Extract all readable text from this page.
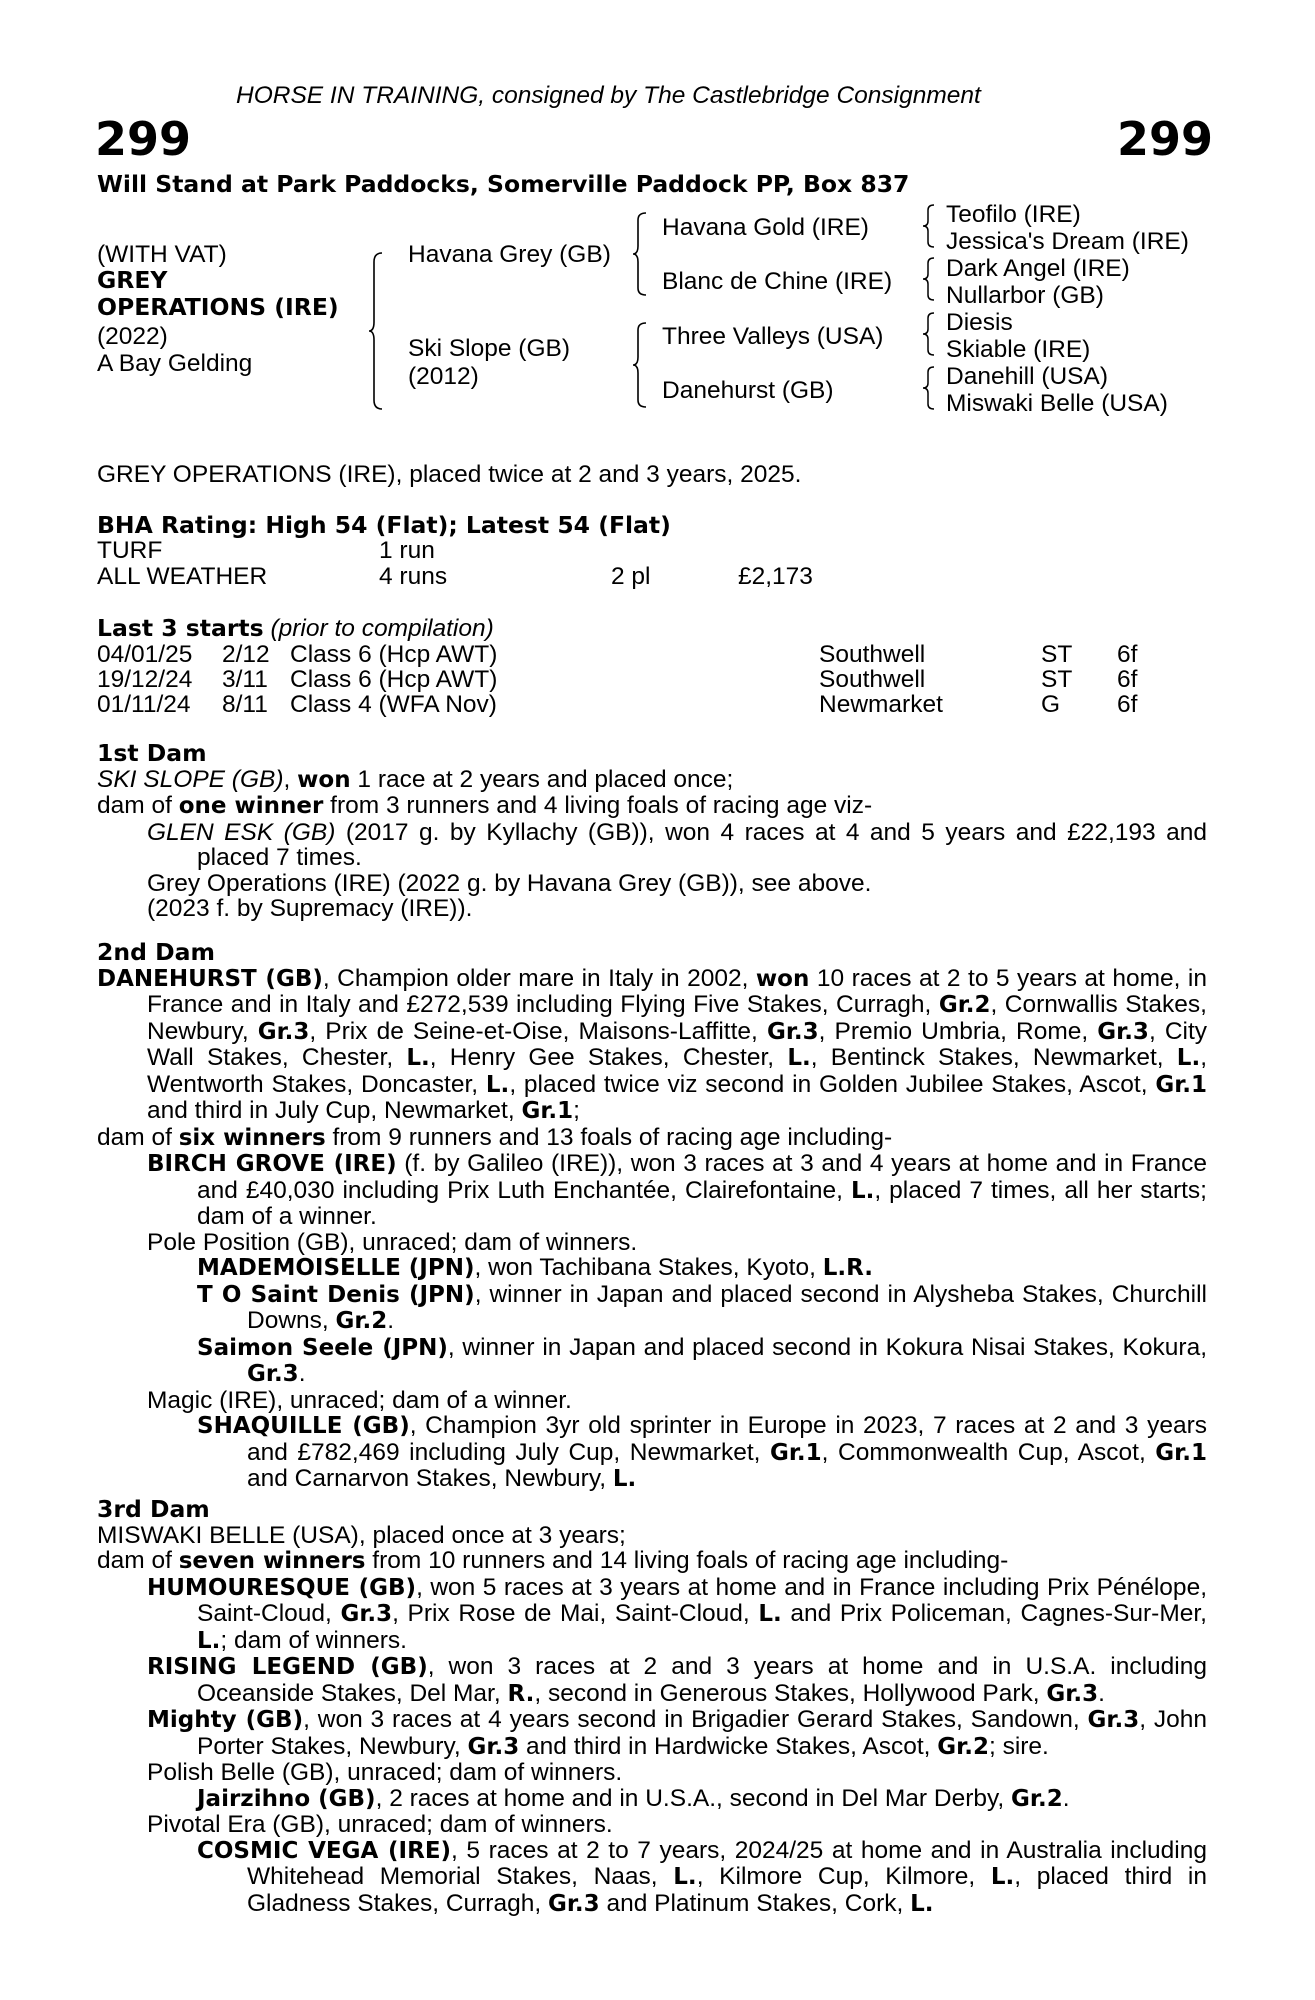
HORSE IN TRAINING, consigned by The Castlebridge Consignment
299	299
Will Stand at Park Paddocks, Somerville Paddock PP, Box 837
(WITH VAT)
GREY
OPERATIONS (IRE)
(2022)
A Bay Gelding
Havana Grey (GB)
Ski Slope (GB)
(2012)
Havana Gold (IRE)
Blanc de Chine (IRE)
Three Valleys (USA)
Danehurst (GB)
Teofilo (IRE)
Jessica's Dream (IRE)
Dark Angel (IRE)
Nullarbor (GB)
Diesis
Skiable (IRE)
Danehill (USA)
Miswaki Belle (USA)
GREY OPERATIONS (IRE), placed twice at 2 and 3 years, 2025.
BHA Rating: High 54 (Flat); Latest 54 (Flat)
TURF	1 run
ALL WEATHER	4 runs	2 pl	£2,173
Last 3 starts (prior to compilation)
04/01/25 2/12 Class 6 (Hcp AWT)	Southwell	ST 6f
19/12/24 3/11 Class 6 (Hcp AWT)	Southwell	ST 6f
01/11/24 8/11 Class 4 (WFA Nov)	Newmarket	G 6f
1st Dam
SKI SLOPE (GB), won 1 race at 2 years and placed once;
dam of one winner from 3 runners and 4 living foals of racing age viz-
GLEN ESK (GB) (2017 g. by Kyllachy (GB)), won 4 races at 4 and 5 years and £22,193 and placed 7 times.
Grey Operations (IRE) (2022 g. by Havana Grey (GB)), see above.
(2023 f. by Supremacy (IRE)).
2nd Dam
DANEHURST (GB), Champion older mare in Italy in 2002, won 10 races at 2 to 5 years at home, in France and in Italy and £272,539 including Flying Five Stakes, Curragh, Gr.2, Cornwallis Stakes, Newbury, Gr.3, Prix de Seine-et-Oise, Maisons-Laffitte, Gr.3, Premio Umbria, Rome, Gr.3, City Wall Stakes, Chester, L., Henry Gee Stakes, Chester, L., Bentinck Stakes, Newmarket, L., Wentworth Stakes, Doncaster, L., placed twice viz second in Golden Jubilee Stakes, Ascot, Gr.1 and third in July Cup, Newmarket, Gr.1;
dam of six winners from 9 runners and 13 foals of racing age including-
BIRCH GROVE (IRE) (f. by Galileo (IRE)), won 3 races at 3 and 4 years at home and in France and £40,030 including Prix Luth Enchantée, Clairefontaine, L., placed 7 times, all her starts; dam of a winner.
Pole Position (GB), unraced; dam of winners.
MADEMOISELLE (JPN), won Tachibana Stakes, Kyoto, L.R.
T O Saint Denis (JPN), winner in Japan and placed second in Alysheba Stakes, Churchill Downs, Gr.2.
Saimon Seele (JPN), winner in Japan and placed second in Kokura Nisai Stakes, Kokura, Gr.3.
Magic (IRE), unraced; dam of a winner.
SHAQUILLE (GB), Champion 3yr old sprinter in Europe in 2023, 7 races at 2 and 3 years and £782,469 including July Cup, Newmarket, Gr.1, Commonwealth Cup, Ascot, Gr.1 and Carnarvon Stakes, Newbury, L.
3rd Dam
MISWAKI BELLE (USA), placed once at 3 years;
dam of seven winners from 10 runners and 14 living foals of racing age including-
HUMOURESQUE (GB), won 5 races at 3 years at home and in France including Prix Pénélope, Saint-Cloud, Gr.3, Prix Rose de Mai, Saint-Cloud, L. and Prix Policeman, Cagnes-Sur-Mer, L.; dam of winners.
RISING LEGEND (GB), won 3 races at 2 and 3 years at home and in U.S.A. including Oceanside Stakes, Del Mar, R., second in Generous Stakes, Hollywood Park, Gr.3.
Mighty (GB), won 3 races at 4 years second in Brigadier Gerard Stakes, Sandown, Gr.3, John Porter Stakes, Newbury, Gr.3 and third in Hardwicke Stakes, Ascot, Gr.2; sire.
Polish Belle (GB), unraced; dam of winners.
Jairzihno (GB), 2 races at home and in U.S.A., second in Del Mar Derby, Gr.2.
Pivotal Era (GB), unraced; dam of winners.
COSMIC VEGA (IRE), 5 races at 2 to 7 years, 2024/25 at home and in Australia including Whitehead Memorial Stakes, Naas, L., Kilmore Cup, Kilmore, L., placed third in Gladness Stakes, Curragh, Gr.3 and Platinum Stakes, Cork, L.
